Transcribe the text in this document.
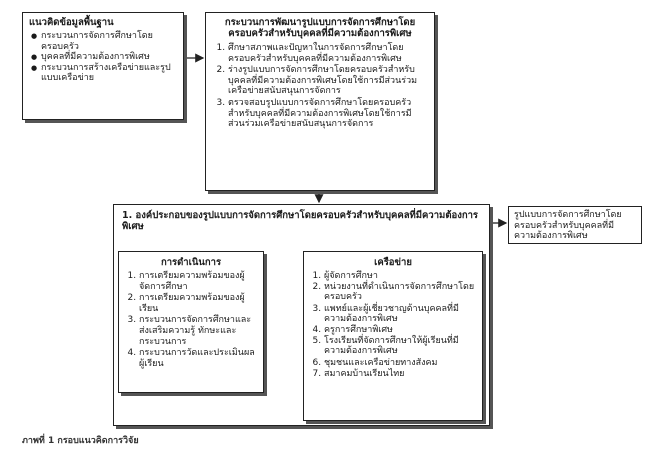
แนวคิดข้อมูลพื้นฐาน
● กระบวนการจัดการศึกษาโดยครอบครัว
● บุคคลที่มีความต้องการพิเศษ
● กระบวนการสร้างเครือข่ายและรูปแบบเครือข่าย
กระบวนการพัฒนารูปแบบการจัดการศึกษาโดยครอบครัวสำหรับบุคคลที่มีความต้องการพิเศษ
1. ศึกษาสภาพและปัญหาในการจัดการศึกษาโดยครอบครัวสำหรับบุคคลที่มีความต้องการพิเศษ
2. ร่างรูปแบบการจัดการศึกษาโดยครอบครัวสำหรับบุคคลที่มีความต้องการพิเศษโดยใช้การมีส่วนร่วมเครือข่ายสนับสนุนการจัดการ
3. ตรวจสอบรูปแบบการจัดการศึกษาโดยครอบครัวสำหรับบุคคลที่มีความต้องการพิเศษโดยใช้การมีส่วนร่วมเครือข่ายสนับสนุนการจัดการ
1. องค์ประกอบของรูปแบบการจัดการศึกษาโดยครอบครัวสำหรับบุคคลที่มีความต้องการพิเศษ
การดำเนินการ
1. การเตรียมความพร้อมของผู้จัดการศึกษา
2. การเตรียมความพร้อมของผู้เรียน
3. กระบวนการจัดการศึกษาและส่งเสริมความรู้ ทักษะและกระบวนการ
4. กระบวนการวัดและประเมินผลผู้เรียน
เครือข่าย
1. ผู้จัดการศึกษา
2. หน่วยงานที่ดำเนินการจัดการศึกษาโดยครอบครัว
3. แพทย์และผู้เชี่ยวชาญด้านบุคคลที่มีความต้องการพิเศษ
4. ครูการศึกษาพิเศษ
5. โรงเรียนที่จัดการศึกษาให้ผู้เรียนที่มีความต้องการพิเศษ
6. ชุมชนและเครือข่ายทางสังคม
7. สมาคมบ้านเรียนไทย
รูปแบบการจัดการศึกษาโดยครอบครัวสำหรับบุคคลที่มีความต้องการพิเศษ
ภาพที่ 1 กรอบแนวคิดการวิจัย
